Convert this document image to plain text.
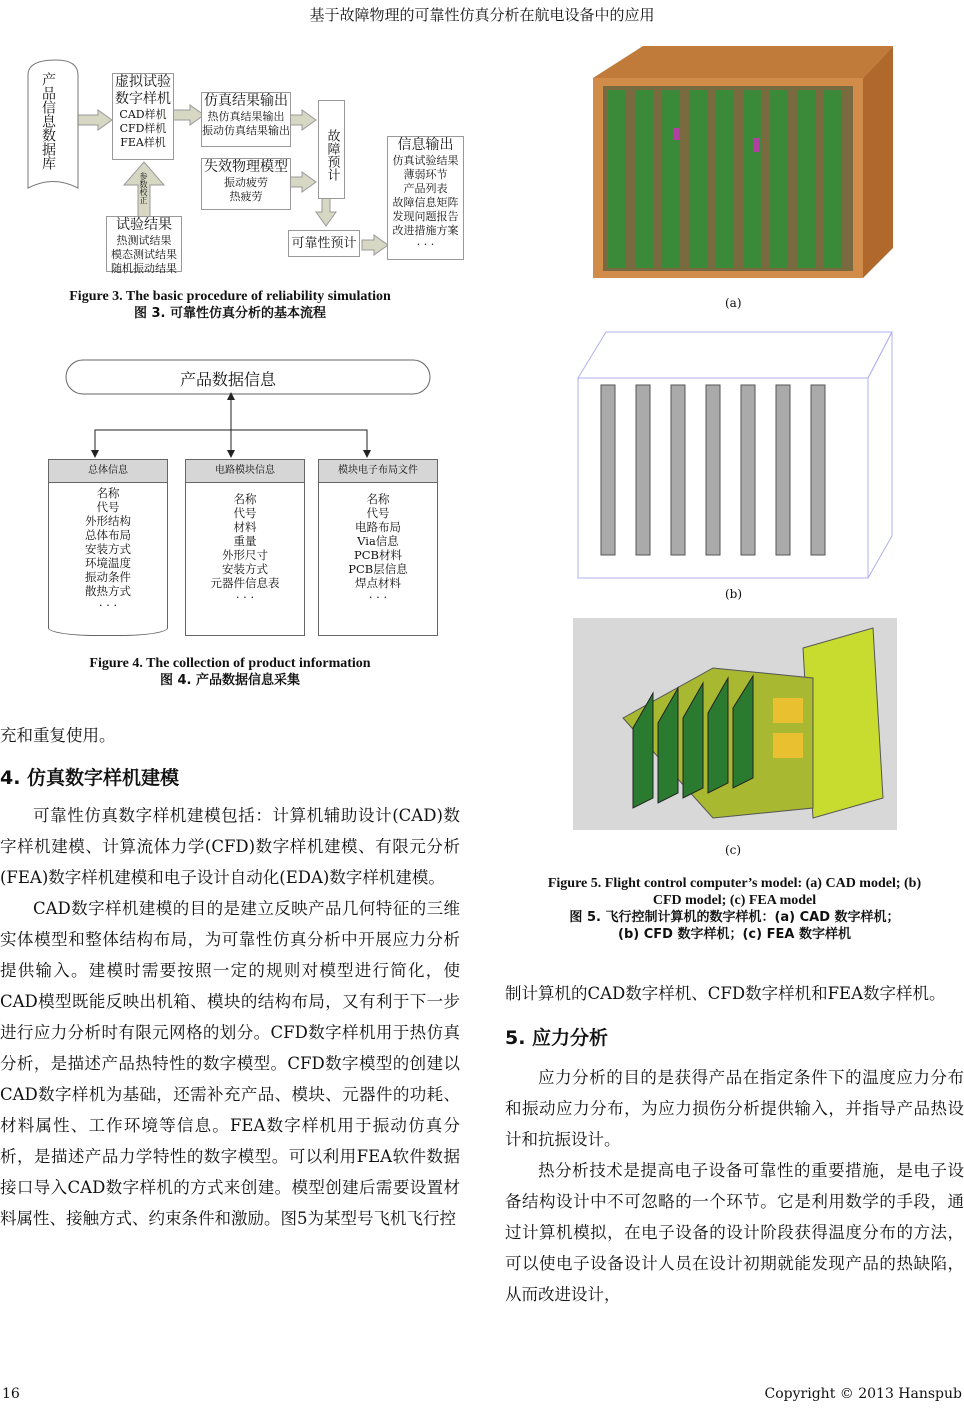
基于故障物理的可靠性仿真分析在航电设备中的应用
产品信息数据库	虚拟试验
数字样机
CAD样机
CFD样机
FEA样机
仿真结果输出
热仿真结果输出
振动仿真结果输出
失效物理模型
振动疲劳
热疲劳
故障预计
可靠性预计
信息输出
仿真试验结果
薄弱环节
产品列表
故障信息矩阵
发现问题报告
改进措施方案
· · ·
试验结果
热测试结果
模态测试结果
随机振动结果
参数校正
Figure 3. The basic procedure of reliability simulation
图 3. 可靠性仿真分析的基本流程
产品数据信息
总体信息
名称
代号
外形结构
总体布局
安装方式
环境温度
振动条件
散热方式
· · ·
电路模块信息
名称
代号
材料
重量
外形尺寸
安装方式
元器件信息表
· · ·
模块电子布局文件
名称
代号
电路布局
Via信息
PCB材料
PCB层信息
焊点材料
· · ·
Figure 4. The collection of product information
图 4. 产品数据信息采集

充和重复使用。

4. 仿真数字样机建模

可靠性仿真数字样机建模包括：计算机辅助设计(CAD)数字样机建模、计算流体力学(CFD)数字样机建模、有限元分析(FEA)数字样机建模和电子设计自动化(EDA)数字样机建模。

CAD数字样机建模的目的是建立反映产品几何特征的三维实体模型和整体结构布局，为可靠性仿真分析中开展应力分析提供输入。建模时需要按照一定的规则对模型进行简化，使CAD模型既能反映出机箱、模块的结构布局，又有利于下一步进行应力分析时有限元网格的划分。CFD数字样机用于热仿真分析，是描述产品热特性的数字模型。CFD数字模型的创建以CAD数字样机为基础，还需补充产品、模块、元器件的功耗、材料属性、工作环境等信息。FEA数字样机用于振动仿真分析，是描述产品力学特性的数字模型。可以利用FEA软件数据接口导入CAD数字样机的方式来创建。模型创建后需要设置材料属性、接触方式、约束条件和激励。图5为某型号飞机飞行控

(a)
(b)
(c)
Figure 5. Flight control computer’s model: (a) CAD model; (b)
CFD model; (c) FEA model
图 5. 飞行控制计算机的数字样机：(a) CAD 数字样机；
(b) CFD 数字样机；(c) FEA 数字样机

制计算机的CAD数字样机、CFD数字样机和FEA数字样机。

5. 应力分析

应力分析的目的是获得产品在指定条件下的温度应力分布和振动应力分布，为应力损伤分析提供输入，并指导产品热设计和抗振设计。

热分析技术是提高电子设备可靠性的重要措施，是电子设备结构设计中不可忽略的一个环节。它是利用数学的手段，通过计算机模拟，在电子设备的设计阶段获得温度分布的方法，可以使电子设备设计人员在设计初期就能发现产品的热缺陷，从而改进设计，

16	Copyright © 2013 Hanspub
